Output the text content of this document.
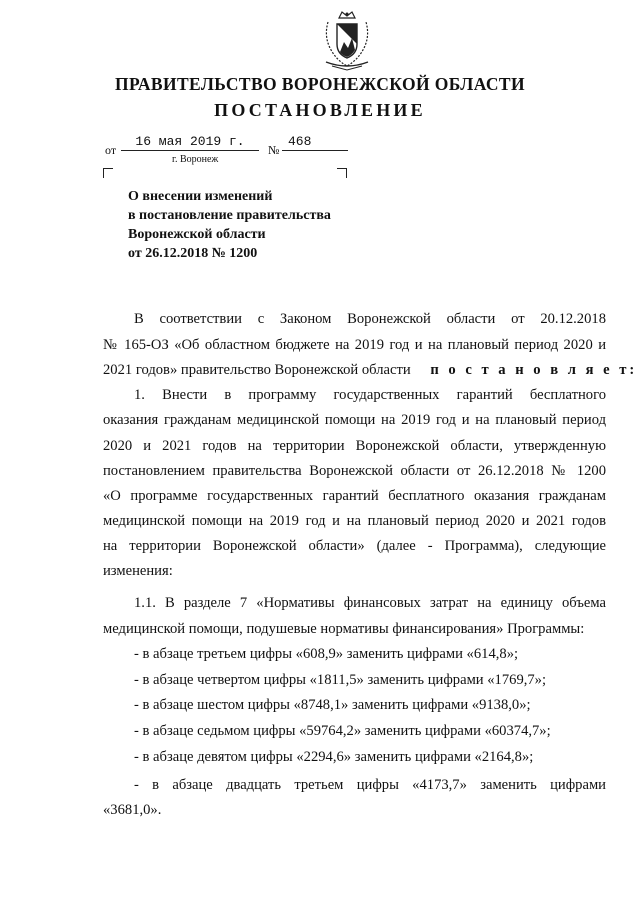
ПРАВИТЕЛЬСТВО ВОРОНЕЖСКОЙ ОБЛАСТИ
ПОСТАНОВЛЕНИЕ
от
16 мая 2019 г.
№
468
г. Воронеж
О внесении изменений
в постановление правительства
Воронежской области
от 26.12.2018 № 1200
В соответствии с Законом Воронежской области от 20.12.2018
№ 165-ОЗ «Об областном бюджете на 2019 год и на плановый период 2020 и
2021 годов» правительство Воронежской области п о с т а н о в л я е т:
1. Внести в программу государственных гарантий бесплатного
оказания гражданам медицинской помощи на 2019 год и на плановый период
2020 и 2021 годов на территории Воронежской области, утвержденную
постановлением правительства Воронежской области от 26.12.2018 № 1200
«О программе государственных гарантий бесплатного оказания гражданам
медицинской помощи на 2019 год и на плановый период 2020 и 2021 годов
на территории Воронежской области» (далее - Программа), следующие
изменения:
1.1. В разделе 7 «Нормативы финансовых затрат на единицу объема
медицинской помощи, подушевые нормативы финансирования» Программы:
- в абзаце третьем цифры «608,9» заменить цифрами «614,8»;
- в абзаце четвертом цифры «1811,5» заменить цифрами «1769,7»;
- в абзаце шестом цифры «8748,1» заменить цифрами «9138,0»;
- в абзаце седьмом цифры «59764,2» заменить цифрами «60374,7»;
- в абзаце девятом цифры «2294,6» заменить цифрами «2164,8»;
- в абзаце двадцать третьем цифры «4173,7» заменить цифрами
«3681,0».
